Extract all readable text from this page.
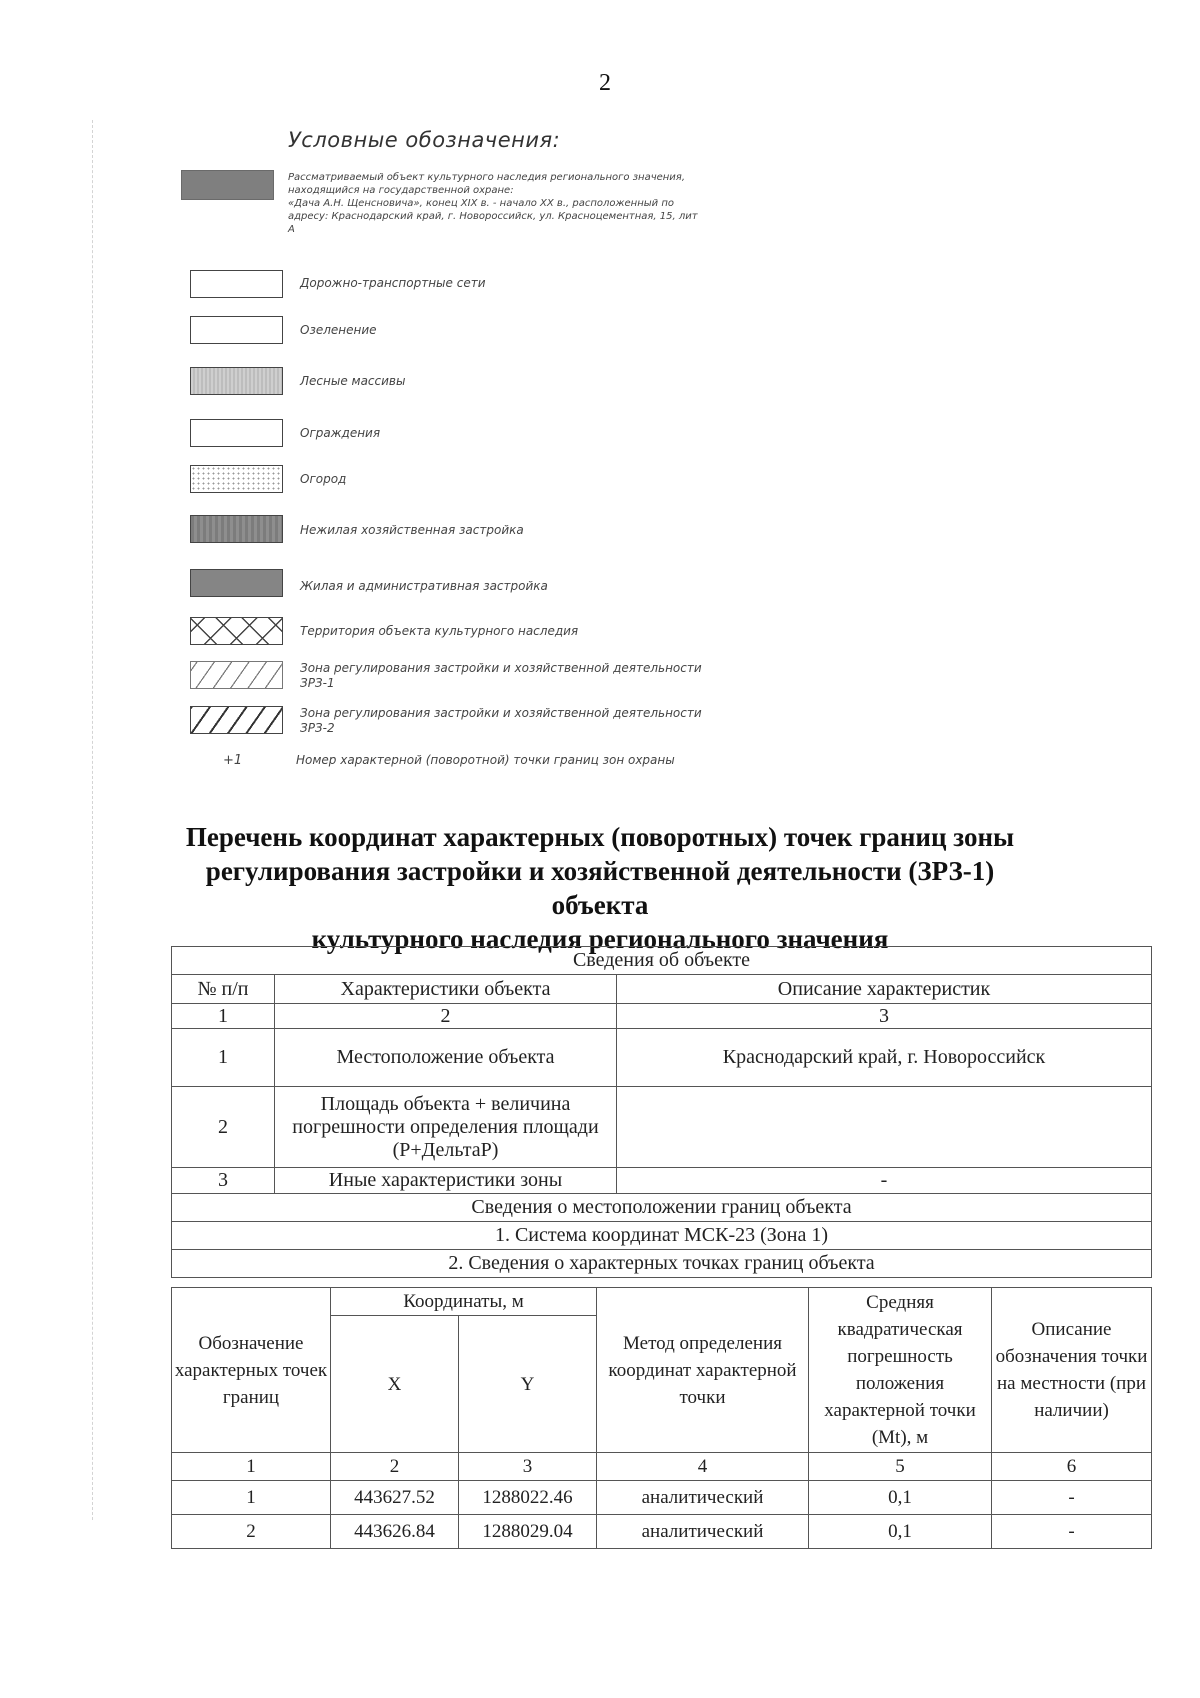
2
Условные обозначения:
Рассматриваемый объект культурного наследия регионального значения,
находящийся на государственной охране:
«Дача А.Н. Щенсновича», конец XIX в. - начало XX в., расположенный по
адресу: Краснодарский край, г. Новороссийск, ул. Красноцементная, 15, лит
А
Дорожно-транспортные сети
Озеленение
Лесные массивы
Ограждения
Огород
Нежилая хозяйственная застройка
Жилая и административная застройка
Территория объекта культурного наследия
Зона регулирования застройки и хозяйственной деятельности
ЗРЗ-1
Зона регулирования застройки и хозяйственной деятельности
ЗРЗ-2
+1	Номер характерной (поворотной) точки границ зон охраны
Перечень координат характерных (поворотных) точек границ зоны
регулирования застройки и хозяйственной деятельности (ЗРЗ-1) объекта
культурного наследия регионального значения
Сведения об объекте		
№ п/п	Характеристики объекта	Описание характеристик
1	2	3
1	Местоположение объекта	Краснодарский край, г. Новороссийск
2	Площадь объекта + величина погрешности определения площади (P+ДельтаP)	
3	Иные характеристики зоны	-
Сведения о местоположении границ объекта		
1. Система координат МСК-23 (Зона 1)		
2. Сведения о характерных точках границ объекта		
Обозначение характерных точек границ	Координаты, м		Метод определения координат характерной точки	Средняя квадратическая погрешность положения характерной точки (Mt), м	Описание обозначения точки на местности (при наличии)
	X	Y			
1	2	3	4	5	6
1	443627.52	1288022.46	аналитический	0,1	-
2	443626.84	1288029.04	аналитический	0,1	-
